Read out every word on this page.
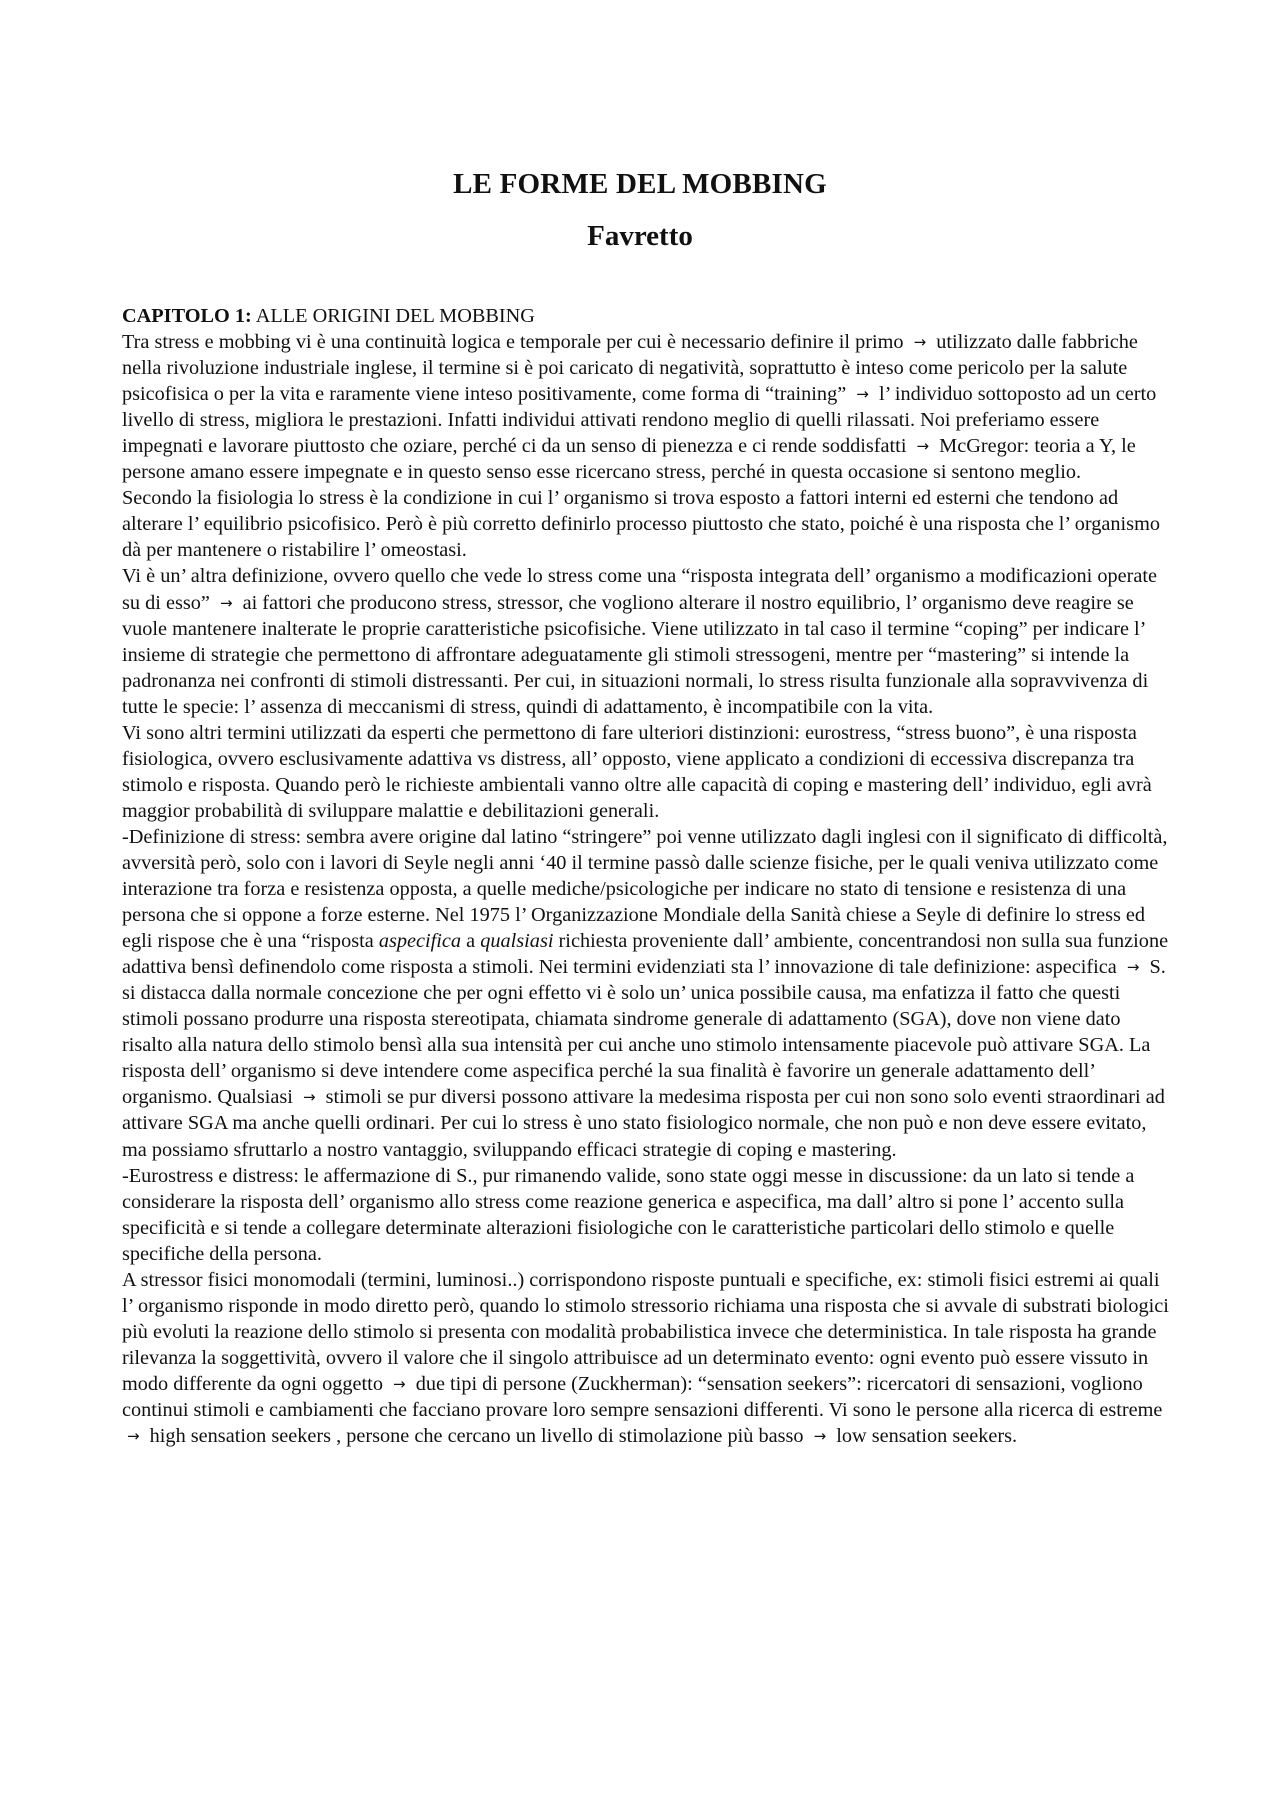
LE FORME DEL MOBBING
Favretto

CAPITOLO 1: ALLE ORIGINI DEL MOBBING

Tra stress e mobbing vi è una continuità logica e temporale per cui è necessario definire il primo → utilizzato dalle fabbriche nella rivoluzione industriale inglese, il termine si è poi caricato di negatività, soprattutto è inteso come pericolo per la salute psicofisica o per la vita e raramente viene inteso positivamente, come forma di “training” → l’ individuo sottoposto ad un certo livello di stress, migliora le prestazioni. Infatti individui attivati rendono meglio di quelli rilassati. Noi preferiamo essere impegnati e lavorare piuttosto che oziare, perché ci da un senso di pienezza e ci rende soddisfatti → McGregor: teoria a Y, le persone amano essere impegnate e in questo senso esse ricercano stress, perché in questa occasione si sentono meglio.

Secondo la fisiologia lo stress è la condizione in cui l’ organismo si trova esposto a fattori interni ed esterni che tendono ad alterare l’ equilibrio psicofisico. Però è più corretto definirlo processo piuttosto che stato, poiché è una risposta che l’ organismo dà per mantenere o ristabilire l’ omeostasi.

Vi è un’ altra definizione, ovvero quello che vede lo stress come una “risposta integrata dell’ organismo a modificazioni operate su di esso” → ai fattori che producono stress, stressor, che vogliono alterare il nostro equilibrio, l’ organismo deve reagire se vuole mantenere inalterate le proprie caratteristiche psicofisiche. Viene utilizzato in tal caso il termine “coping” per indicare l’ insieme di strategie che permettono di affrontare adeguatamente gli stimoli stressogeni, mentre per “mastering” si intende la padronanza nei confronti di stimoli distressanti. Per cui, in situazioni normali, lo stress risulta funzionale alla sopravvivenza di tutte le specie: l’ assenza di meccanismi di stress, quindi di adattamento, è incompatibile con la vita.

Vi sono altri termini utilizzati da esperti che permettono di fare ulteriori distinzioni: eurostress, “stress buono”, è una risposta fisiologica, ovvero esclusivamente adattiva vs distress, all’ opposto, viene applicato a condizioni di eccessiva discrepanza tra stimolo e risposta. Quando però le richieste ambientali vanno oltre alle capacità di coping e mastering dell’ individuo, egli avrà maggior probabilità di sviluppare malattie e debilitazioni generali.

-Definizione di stress: sembra avere origine dal latino “stringere” poi venne utilizzato dagli inglesi con il significato di difficoltà, avversità però, solo con i lavori di Seyle negli anni ‘40 il termine passò dalle scienze fisiche, per le quali veniva utilizzato come interazione tra forza e resistenza opposta, a quelle mediche/psicologiche per indicare no stato di tensione e resistenza di una persona che si oppone a forze esterne. Nel 1975 l’ Organizzazione Mondiale della Sanità chiese a Seyle di definire lo stress ed egli rispose che è una “risposta aspecifica a qualsiasi richiesta proveniente dall’ ambiente, concentrandosi non sulla sua funzione adattiva bensì definendolo come risposta a stimoli. Nei termini evidenziati sta l’ innovazione di tale definizione: aspecifica → S. si distacca dalla normale concezione che per ogni effetto vi è solo un’ unica possibile causa, ma enfatizza il fatto che questi stimoli possano produrre una risposta stereotipata, chiamata sindrome generale di adattamento (SGA), dove non viene dato risalto alla natura dello stimolo bensì alla sua intensità per cui anche uno stimolo intensamente piacevole può attivare SGA. La risposta dell’ organismo si deve intendere come aspecifica perché la sua finalità è favorire un generale adattamento dell’ organismo. Qualsiasi → stimoli se pur diversi possono attivare la medesima risposta per cui non sono solo eventi straordinari ad attivare SGA ma anche quelli ordinari. Per cui lo stress è uno stato fisiologico normale, che non può e non deve essere evitato, ma possiamo sfruttarlo a nostro vantaggio, sviluppando efficaci strategie di coping e mastering.

-Eurostress e distress: le affermazione di S., pur rimanendo valide, sono state oggi messe in discussione: da un lato si tende a considerare la risposta dell’ organismo allo stress come reazione generica e aspecifica, ma dall’ altro si pone l’ accento sulla specificità e si tende a collegare determinate alterazioni fisiologiche con le caratteristiche particolari dello stimolo e quelle specifiche della persona.

A stressor fisici monomodali (termini, luminosi..) corrispondono risposte puntuali e specifiche, ex: stimoli fisici estremi ai quali l’ organismo risponde in modo diretto però, quando lo stimolo stressorio richiama una risposta che si avvale di substrati biologici più evoluti la reazione dello stimolo si presenta con modalità probabilistica invece che deterministica. In tale risposta ha grande rilevanza la soggettività, ovvero il valore che il singolo attribuisce ad un determinato evento: ogni evento può essere vissuto in modo differente da ogni oggetto → due tipi di persone (Zuckherman): “sensation seekers”: ricercatori di sensazioni, vogliono continui stimoli e cambiamenti che facciano provare loro sempre sensazioni differenti. Vi sono le persone alla ricerca di estreme → high sensation seekers , persone che cercano un livello di stimolazione più basso → low sensation seekers.
